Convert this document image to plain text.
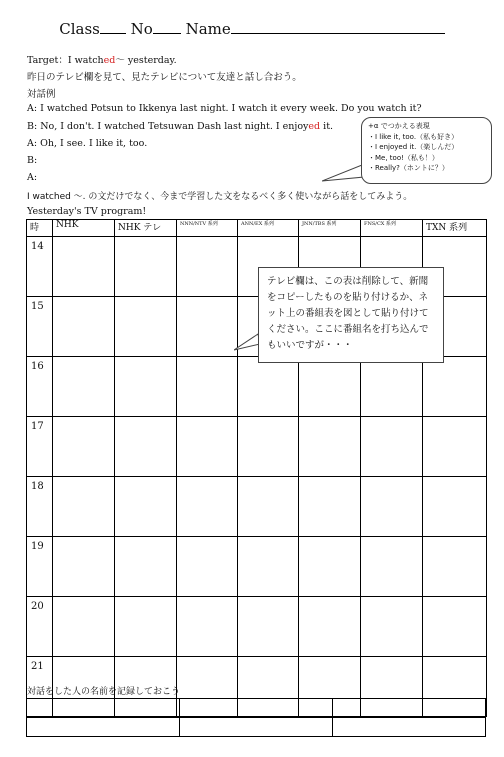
Class No Name
Target：I watched～ yesterday.
昨日のテレビ欄を見て、見たテレビについて友達と話し合おう。
対話例
A: I watched Potsun to Ikkenya last night. I watch it every week. Do you watch it?
B: No, I don't. I watched Tetsuwan Dash last night. I enjoyed it.
A: Oh, I see. I like it, too.
B:
A:
I watched ～. の文だけでなく、今まで学習した文をなるべく多く使いながら話をしてみよう。
Yesterday's TV program!
+α でつかえる表現
・I like it, too.（私も好き）
・I enjoyed it.（楽しんだ）
・Me, too!（私も！）
・Really?（ホントに？）
時	NHK	NHK テレ	NNN/NTV 系列	ANN/EX 系列	JNN/TBS 系列	FNS/CX 系列	TXN 系列
14							
15							
16							
17							
18							
19							
20							
21							
テレビ欄は、この表は削除して、新聞をコピーしたものを貼り付けるか、ネット上の番組表を図として貼り付けてください。ここに番組名を打ち込んでもいいですが・・・
対話をした人の名前を記録しておこう
